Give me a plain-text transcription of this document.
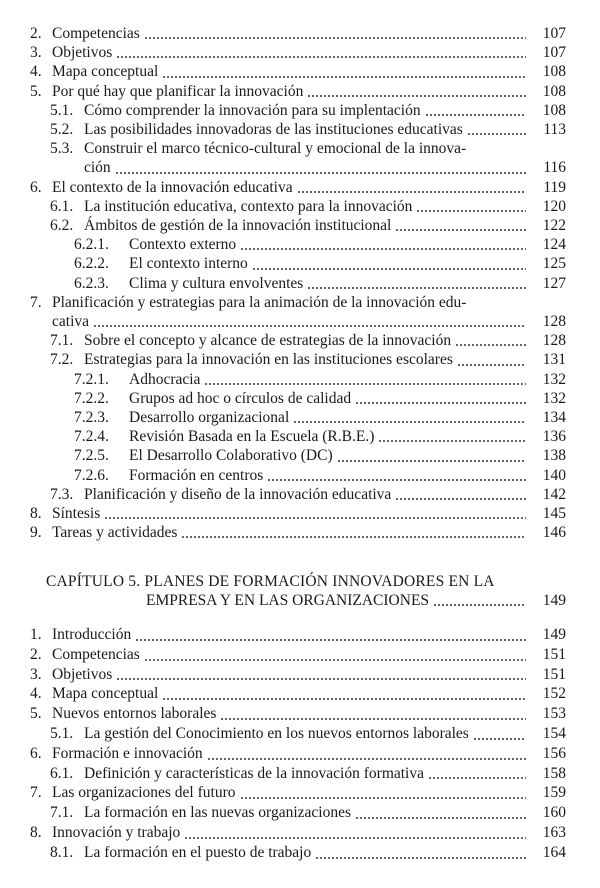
2. Competencias	107
3. Objetivos	107
4. Mapa conceptual	108
5. Por qué hay que planificar la innovación	108
5.1. Cómo comprender la innovación para su implentación	108
5.2. Las posibilidades innovadoras de las instituciones educativas	113
5.3. Construir el marco técnico-cultural y emocional de la innova-
ción	116
6. El contexto de la innovación educativa	119
6.1. La institución educativa, contexto para la innovación	120
6.2. Ámbitos de gestión de la innovación institucional	122
6.2.1.	Contexto externo	124
6.2.2.	El contexto interno	125
6.2.3.	Clima y cultura envolventes	127
7. Planificación y estrategias para la animación de la innovación edu-
cativa	128
7.1. Sobre el concepto y alcance de estrategias de la innovación	128
7.2. Estrategias para la innovación en las instituciones escolares	131
7.2.1.	Adhocracia	132
7.2.2.	Grupos ad hoc o círculos de calidad	132
7.2.3.	Desarrollo organizacional	134
7.2.4.	Revisión Basada en la Escuela (R.B.E.)	136
7.2.5.	El Desarrollo Colaborativo (DC)	138
7.2.6.	Formación en centros	140
7.3. Planificación y diseño de la innovación educativa	142
8. Síntesis	145
9. Tareas y actividades	146
CAPÍTULO 5. PLANES DE FORMACIÓN INNOVADORES EN LA
EMPRESA Y EN LAS ORGANIZACIONES	149
1. Introducción	149
2. Competencias	151
3. Objetivos	151
4. Mapa conceptual	152
5. Nuevos entornos laborales	153
5.1. La gestión del Conocimiento en los nuevos entornos laborales	154
6. Formación e innovación	156
6.1. Definición y características de la innovación formativa	158
7. Las organizaciones del futuro	159
7.1. La formación en las nuevas organizaciones	160
8. Innovación y trabajo	163
8.1. La formación en el puesto de trabajo	164
